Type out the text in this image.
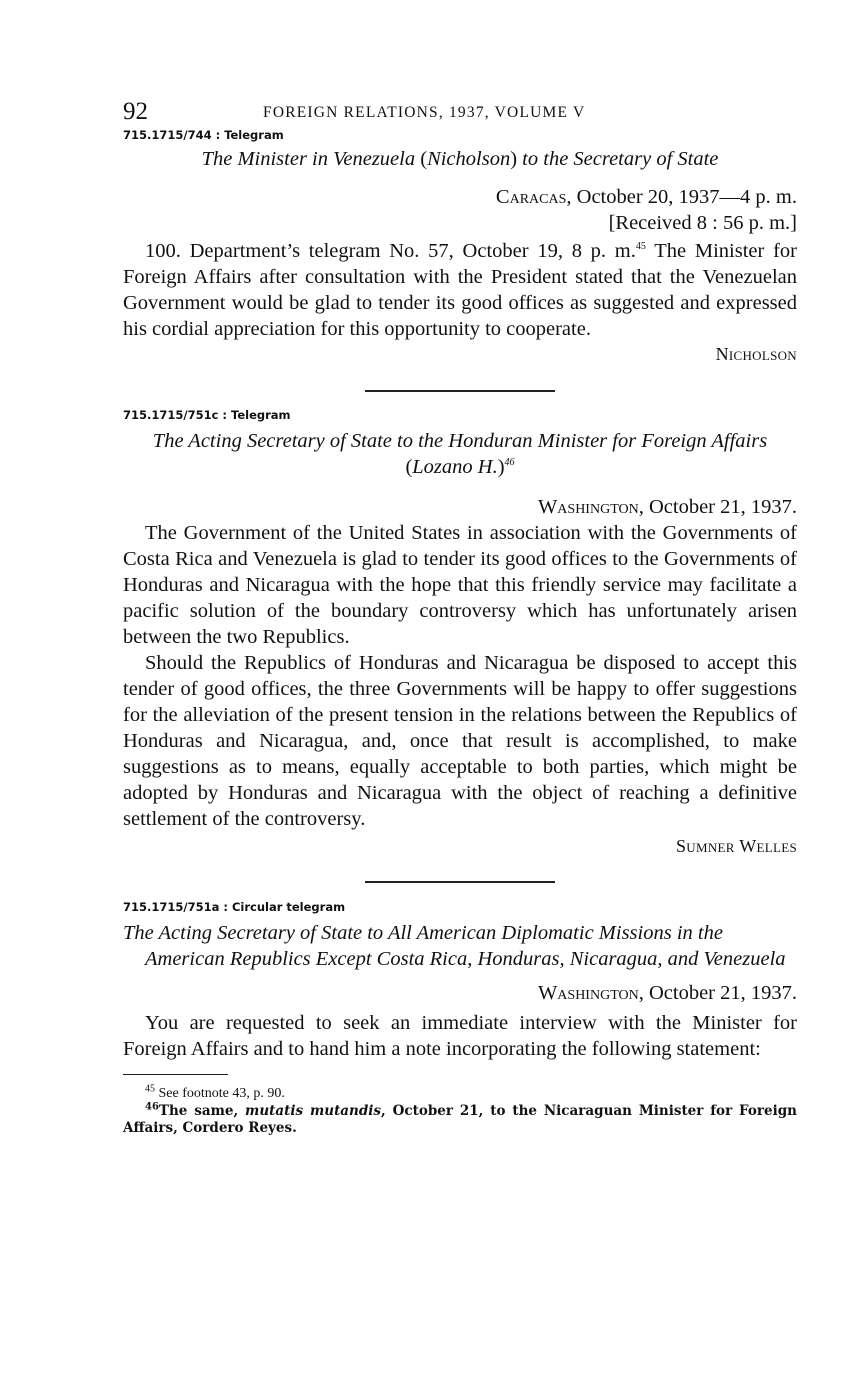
92	FOREIGN RELATIONS, 1937, VOLUME V

715.1715/744 : Telegram

The Minister in Venezuela (Nicholson) to the Secretary of State

Caracas, October 20, 1937—4 p. m.

[Received 8 : 56 p. m.]

100. Department’s telegram No. 57, October 19, 8 p. m.$^{45}$ The Minister for Foreign Affairs after consultation with the President stated that the Venezuelan Government would be glad to tender its good offices as suggested and expressed his cordial appreciation for this opportunity to cooperate.

Nicholson

715.1715/751c : Telegram

The Acting Secretary of State to the Honduran Minister for Foreign Affairs (Lozano H.)$^{46}$

Washington, October 21, 1937.

The Government of the United States in association with the Governments of Costa Rica and Venezuela is glad to tender its good offices to the Governments of Honduras and Nicaragua with the hope that this friendly service may facilitate a pacific solution of the boundary controversy which has unfortunately arisen between the two Republics.

Should the Republics of Honduras and Nicaragua be disposed to accept this tender of good offices, the three Governments will be happy to offer suggestions for the alleviation of the present tension in the relations between the Republics of Honduras and Nicaragua, and, once that result is accomplished, to make suggestions as to means, equally acceptable to both parties, which might be adopted by Honduras and Nicaragua with the object of reaching a definitive settlement of the controversy.

Sumner Welles

715.1715/751a : Circular telegram

The Acting Secretary of State to All American Diplomatic Missions in the American Republics Except Costa Rica, Honduras, Nicaragua, and Venezuela

Washington, October 21, 1937.

You are requested to seek an immediate interview with the Minister for Foreign Affairs and to hand him a note incorporating the following statement:

$^{45}$ See footnote 43, p. 90.

$^{46}$The same, mutatis mutandis, October 21, to the Nicaraguan Minister for Foreign Affairs, Cordero Reyes.
